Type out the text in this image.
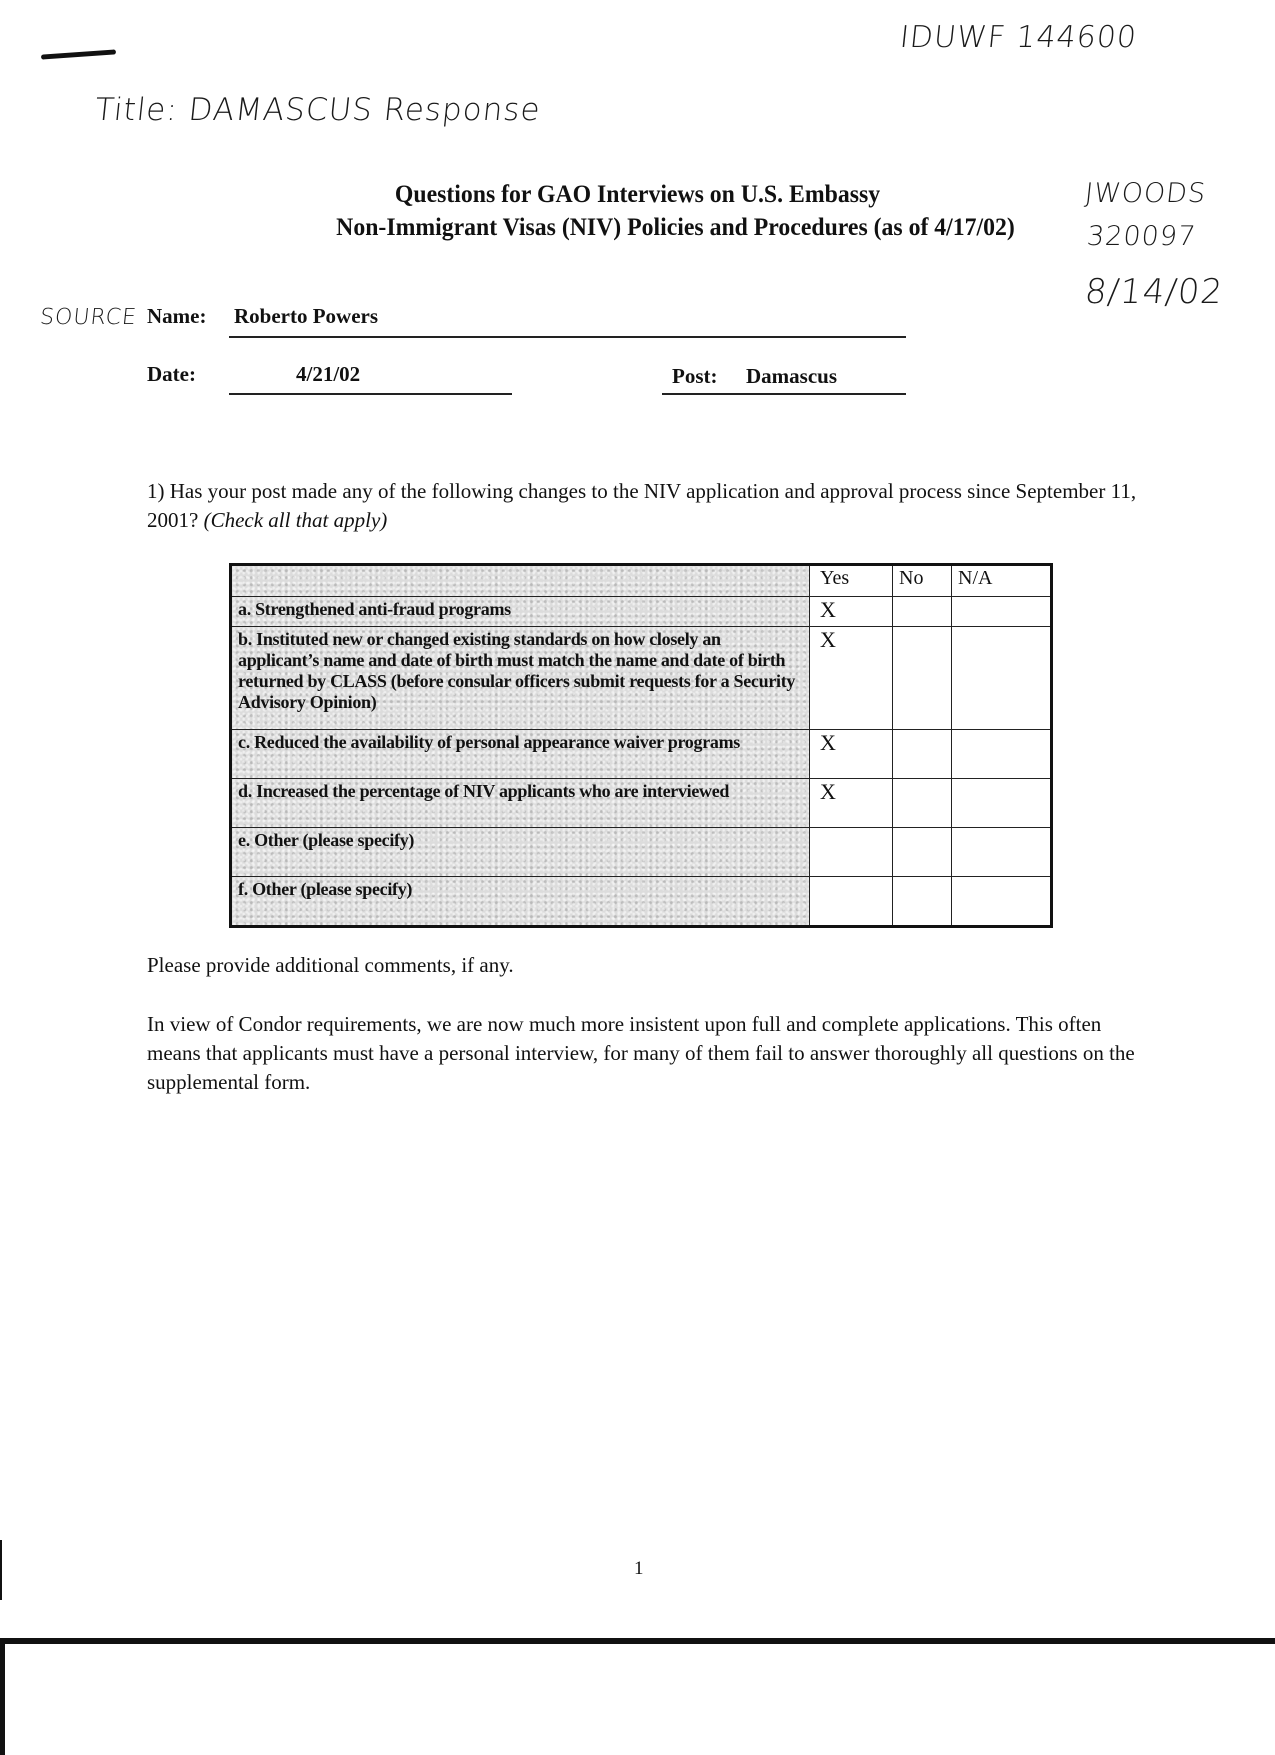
IDUWF 144600
Title: DAMASCUS Response
SOURCE
JWOODS
320097
8/14/02
Questions for GAO Interviews on U.S. Embassy
Non-Immigrant Visas (NIV) Policies and Procedures (as of 4/17/02)
Name: Roberto Powers
Date:	4/21/02	Post: Damascus
1) Has your post made any of the following changes to the NIV application and approval process since September 11, 2001? (Check all that apply)
	Yes	No	N/A
a. Strengthened anti-fraud programs	X		
b. Instituted new or changed existing standards on how closely an applicant’s name and date of birth must match the name and date of birth returned by CLASS (before consular officers submit requests for a Security Advisory Opinion)	X		
c. Reduced the availability of personal appearance waiver programs	X		
d. Increased the percentage of NIV applicants who are interviewed	X		
e. Other (please specify)			
f. Other (please specify)			
Please provide additional comments, if any.
In view of Condor requirements, we are now much more insistent upon full and complete applications. This often means that applicants must have a personal interview, for many of them fail to answer thoroughly all questions on the supplemental form.
1
